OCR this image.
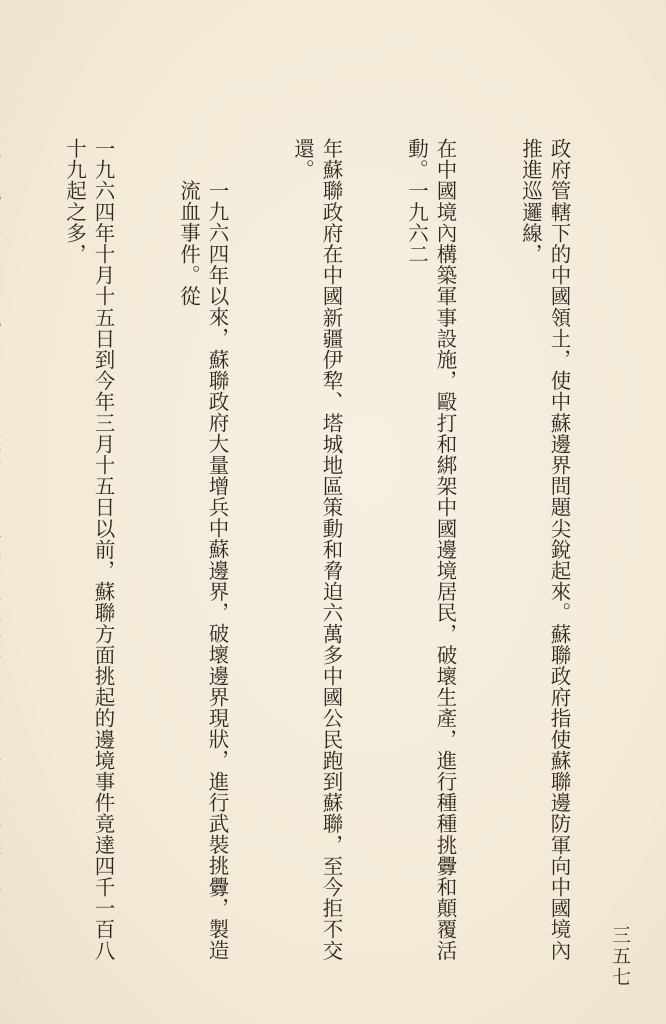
政府管轄下的中國領土，使中蘇邊界問題尖銳起來。蘇聯政府指使蘇聯邊防軍向中國境內推進巡邏線，

在中國境內構築軍事設施，毆打和綁架中國邊境居民，破壞生產，進行種種挑釁和顛覆活動。一九六二

年蘇聯政府在中國新疆伊犂、塔城地區策動和脅迫六萬多中國公民跑到蘇聯，至今拒不交還。

一九六四年以來，蘇聯政府大量增兵中蘇邊界，破壞邊界現狀，進行武裝挑釁，製造流血事件。從

一九六四年十月十五日到今年三月十五日以前，蘇聯方面挑起的邊境事件竟達四千一百八十九起之多，

三五七
